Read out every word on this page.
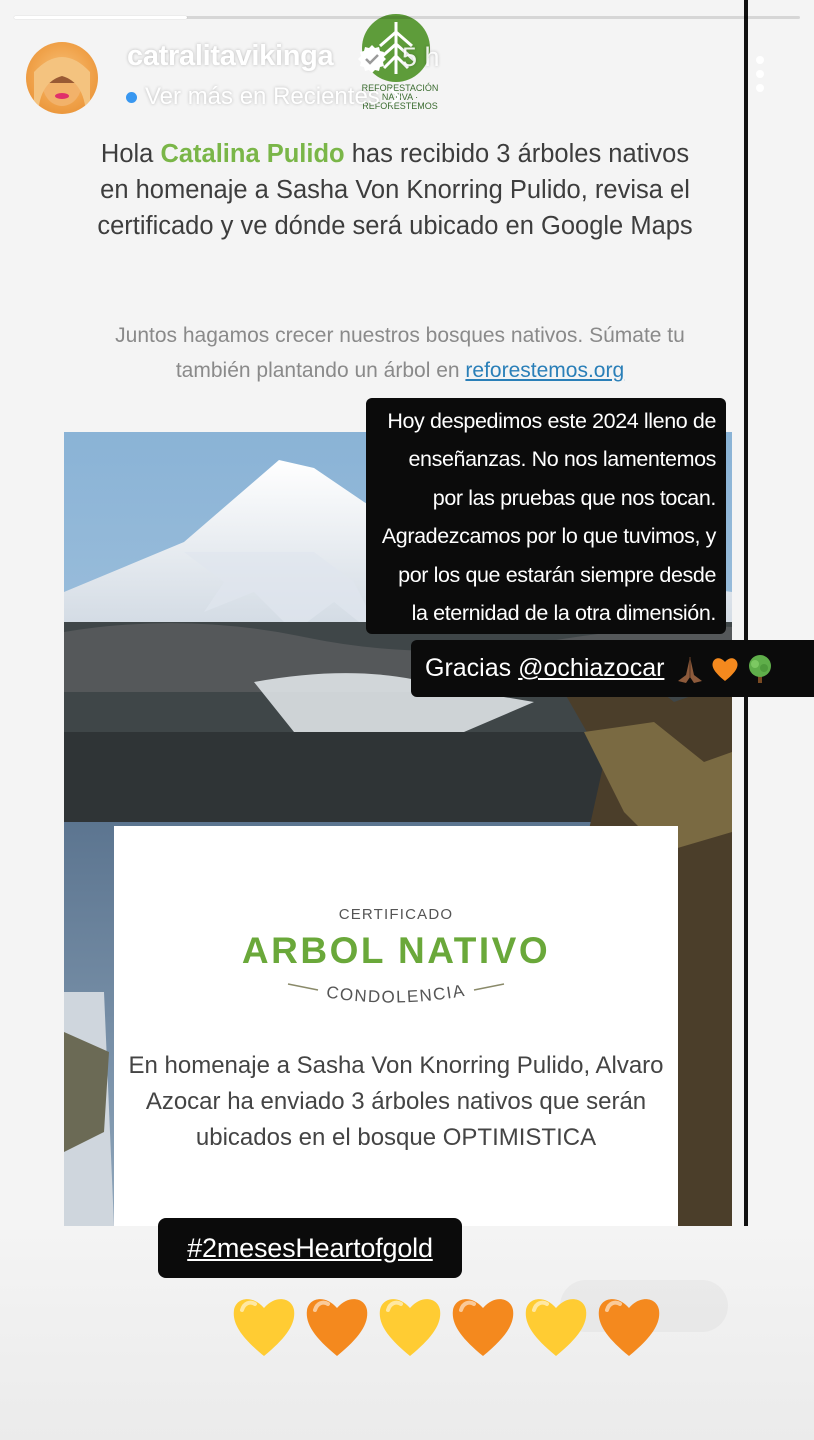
CERTIFICADO
ARBOL NATIVO
CONDOLENCIA
En homenaje a Sasha Von Knorring Pulido, Alvaro Azocar ha enviado 3 árboles nativos que serán ubicados en el bosque OPTIMISTICA
REFORESTACIÓN NATIVA · REFORESTEMOS
Hola Catalina Pulido has recibido 3 árboles nativos en homenaje a Sasha Von Knorring Pulido, revisa el certificado y ve dónde será ubicado en Google Maps
Juntos hagamos crecer nuestros bosques nativos. Súmate tu también plantando un árbol en reforestemos.org
catralitavikinga	5 h
Ver más en Recientes
Hoy despedimos este 2024 lleno de
enseñanzas. No nos lamentemos
por las pruebas que nos tocan.
Agradezcamos por lo que tuvimos, y
por los que estarán siempre desde
la eternidad de la otra dimensión.
Gracias @ochiazocar
#2mesesHeartofgold
